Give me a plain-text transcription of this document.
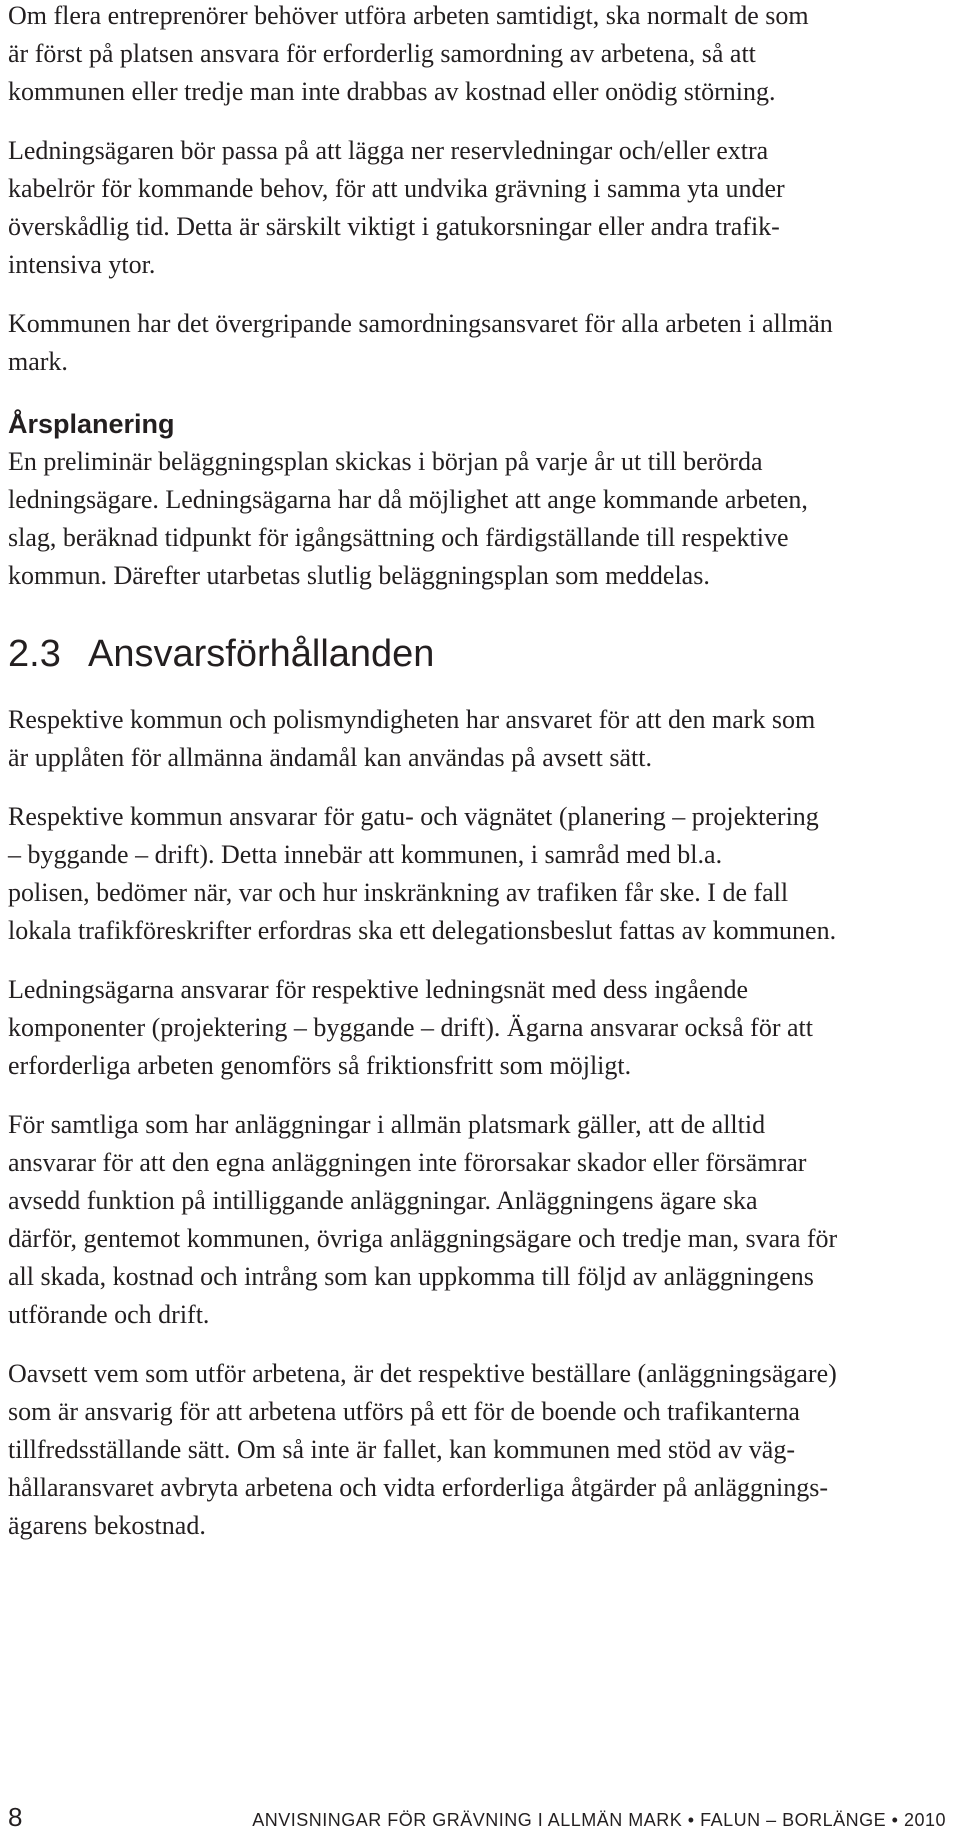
Om flera entreprenörer behöver utföra arbeten samtidigt, ska normalt de som
är först på platsen ansvara för erforderlig samordning av arbetena, så att
kommunen eller tredje man inte drabbas av kostnad eller onödig störning.

Ledningsägaren bör passa på att lägga ner reservledningar och/eller extra
kabelrör för kommande behov, för att undvika grävning i samma yta under
överskådlig tid. Detta är särskilt viktigt i gatukorsningar eller andra trafik-
intensiva ytor.

Kommunen har det övergripande samordningsansvaret för alla arbeten i allmän
mark.

Årsplanering

En preliminär beläggningsplan skickas i början på varje år ut till berörda
ledningsägare. Ledningsägarna har då möjlighet att ange kommande arbeten,
slag, beräknad tidpunkt för igångsättning och färdigställande till respektive
kommun. Därefter utarbetas slutlig beläggningsplan som meddelas.

2.3 Ansvarsförhållanden

Respektive kommun och polismyndigheten har ansvaret för att den mark som
är upplåten för allmänna ändamål kan användas på avsett sätt.

Respektive kommun ansvarar för gatu- och vägnätet (planering – projektering
– byggande – drift). Detta innebär att kommunen, i samråd med bl.a.
polisen, bedömer när, var och hur inskränkning av trafiken får ske. I de fall
lokala trafikföreskrifter erfordras ska ett delegationsbeslut fattas av kommunen.

Ledningsägarna ansvarar för respektive ledningsnät med dess ingående
komponenter (projektering – byggande – drift). Ägarna ansvarar också för att
erforderliga arbeten genomförs så friktionsfritt som möjligt.

För samtliga som har anläggningar i allmän platsmark gäller, att de alltid
ansvarar för att den egna anläggningen inte förorsakar skador eller försämrar
avsedd funktion på intilliggande anläggningar. Anläggningens ägare ska
därför, gentemot kommunen, övriga anläggningsägare och tredje man, svara för
all skada, kostnad och intrång som kan uppkomma till följd av anläggningens
utförande och drift.

Oavsett vem som utför arbetena, är det respektive beställare (anläggningsägare)
som är ansvarig för att arbetena utförs på ett för de boende och trafikanterna
tillfredsställande sätt. Om så inte är fallet, kan kommunen med stöd av väg-
hållaransvaret avbryta arbetena och vidta erforderliga åtgärder på anläggnings-
ägarens bekostnad.

8	ANVISNINGAR FÖR GRÄVNING I ALLMÄN MARK • FALUN – BORLÄNGE • 2010
